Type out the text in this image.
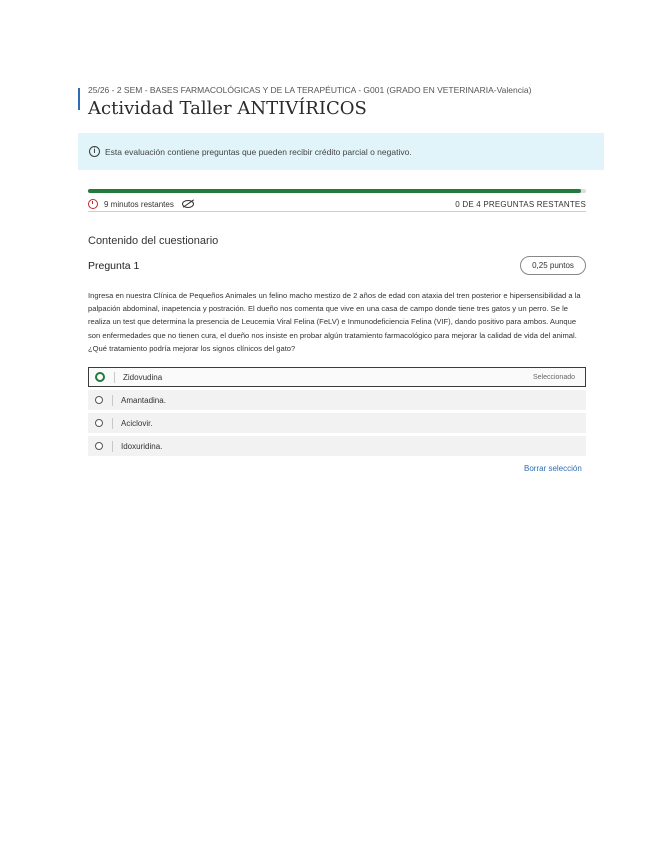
25/26 - 2 SEM - BASES FARMACOLÓGICAS Y DE LA TERAPÉUTICA - G001 (GRADO EN VETERINARIA-Valencia)
Actividad Taller ANTIVÍRICOS
i	Esta evaluación contiene preguntas que pueden recibir crédito parcial o negativo.
9 minutos restantes	0 DE 4 PREGUNTAS RESTANTES
Contenido del cuestionario
Pregunta 1	0,25 puntos
Ingresa en nuestra Clínica de Pequeños Animales un felino macho mestizo de 2 años de edad con ataxia del tren posterior e hipersensibilidad a la palpación abdominal, inapetencia y postración. El dueño nos comenta que vive en una casa de campo donde tiene tres gatos y un perro. Se le realiza un test que determina la presencia de Leucemia Viral Felina (FeLV) e Inmunodeficiencia Felina (VIF), dando positivo para ambos. Aunque son enfermedades que no tienen cura, el dueño nos insiste en probar algún tratamiento farmacológico para mejorar la calidad de vida del animal. ¿Qué tratamiento podría mejorar los signos clínicos del gato?
Zidovudina	Seleccionado
Amantadina.
Aciclovir.
Idoxuridina.
Borrar selección
